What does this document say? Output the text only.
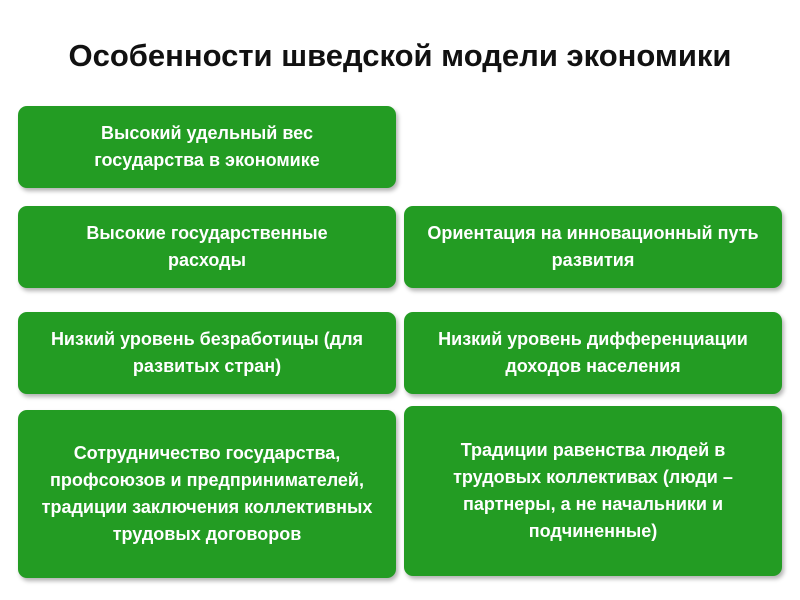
Особенности шведской модели экономики
Высокий удельный вес государства в экономике
Высокие государственные расходы
Низкий уровень безработицы (для развитых стран)
Сотрудничество государства, профсоюзов и предпринимателей, традиции заключения коллективных трудовых договоров
Ориентация на инновационный путь развития
Низкий уровень дифференциации доходов населения
Традиции равенства людей в трудовых коллективах (люди – партнеры, а не начальники и подчиненные)
